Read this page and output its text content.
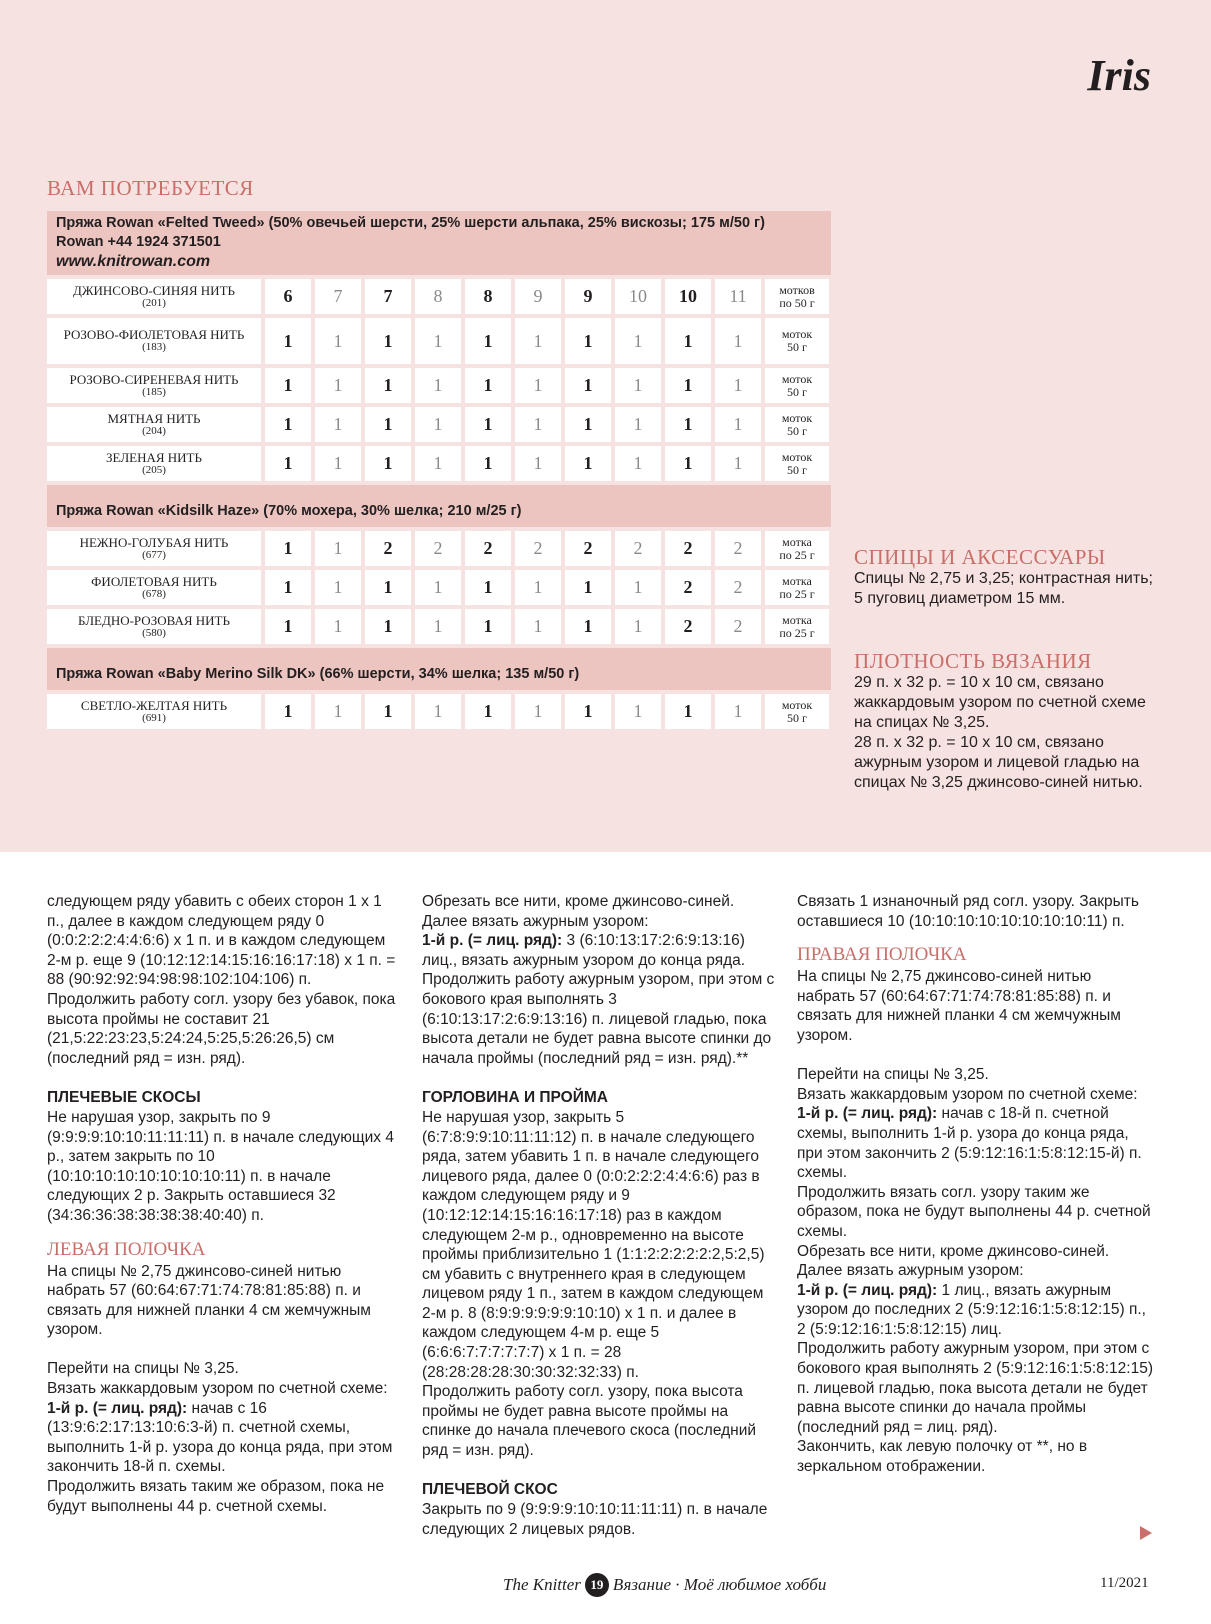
Iris
ВАМ ПОТРЕБУЕТСЯ
Пряжа Rowan «Felted Tweed» (50% овечьей шерсти, 25% шерсти альпака, 25% вискозы; 175 м/50 г)
Rowan +44 1924 371501
www.knitrowan.com
ДЖИНСОВО-СИНЯЯ НИТЬ
(201)	6	7	7	8	8	9	9	10	10	11	мотков
по 50 г
РОЗОВО-ФИОЛЕТОВАЯ НИТЬ
(183)	1	1	1	1	1	1	1	1	1	1	моток
50 г
РОЗОВО-СИРЕНЕВАЯ НИТЬ
(185)	1	1	1	1	1	1	1	1	1	1	моток
50 г
МЯТНАЯ НИТЬ
(204)	1	1	1	1	1	1	1	1	1	1	моток
50 г
ЗЕЛЕНАЯ НИТЬ
(205)	1	1	1	1	1	1	1	1	1	1	моток
50 г
Пряжа Rowan «Kidsilk Haze» (70% мохера, 30% шелка; 210 м/25 г)
НЕЖНО-ГОЛУБАЯ НИТЬ
(677)	1	1	2	2	2	2	2	2	2	2	мотка
по 25 г
ФИОЛЕТОВАЯ НИТЬ
(678)	1	1	1	1	1	1	1	1	2	2	мотка
по 25 г
БЛЕДНО-РОЗОВАЯ НИТЬ
(580)	1	1	1	1	1	1	1	1	2	2	мотка
по 25 г
Пряжа Rowan «Baby Merino Silk DK» (66% шерсти, 34% шелка; 135 м/50 г)
СВЕТЛО-ЖЕЛТАЯ НИТЬ
(691)	1	1	1	1	1	1	1	1	1	1	моток
50 г
СПИЦЫ И АКСЕССУАРЫ

Спицы № 2,75 и 3,25; контрастная нить; 5 пуговиц диаметром 15 мм.

ПЛОТНОСТЬ ВЯЗАНИЯ

29 п. х 32 р. = 10 х 10 см, связано жаккардовым узором по счетной схеме на спицах № 3,25.

28 п. х 32 р. = 10 х 10 см, связано ажурным узором и лицевой гладью на спицах № 3,25 джинсово-синей нитью.

следующем ряду убавить с обеих сторон 1 х 1 п., далее в каждом следующем ряду 0 (0:0:2:2:2:4:4:6:6) х 1 п. и в каждом следующем 2-м р. еще 9 (10:12:12:14:15:16:16:17:18) х 1 п. = 88 (90:92:92:94:98:98:102:104:106) п. Продолжить работу согл. узору без убавок, пока высота проймы не составит 21 (21,5:22:23:23,5:24:24,5:25,5:26:26,5) см (последний ряд = изн. ряд).

ПЛЕЧЕВЫЕ СКОСЫ

Не нарушая узор, закрыть по 9 (9:9:9:9:10:10:11:11:11) п. в начале следующих 4 р., затем закрыть по 10 (10:10:10:10:10:10:10:10:11) п. в начале следующих 2 р. Закрыть оставшиеся 32 (34:36:36:38:38:38:38:40:40) п.

ЛЕВАЯ ПОЛОЧКА

На спицы № 2,75 джинсово-синей нитью набрать 57 (60:64:67:71:74:78:81:85:88) п. и связать для нижней планки 4 см жемчужным узором.

Перейти на спицы № 3,25.

Вязать жаккардовым узором по счетной схеме:

1-й р. (= лиц. ряд): начав с 16 (13:9:6:2:17:13:10:6:3-й) п. счетной схемы, выполнить 1-й р. узора до конца ряда, при этом закончить 18-й п. схемы.

Продолжить вязать таким же образом, пока не будут выполнены 44 р. счетной схемы.

Обрезать все нити, кроме джинсово-синей. Далее вязать ажурным узором:

1-й р. (= лиц. ряд): 3 (6:10:13:17:2:6:9:13:16) лиц., вязать ажурным узором до конца ряда.

Продолжить работу ажурным узором, при этом с бокового края выполнять 3 (6:10:13:17:2:6:9:13:16) п. лицевой гладью, пока высота детали не будет равна высоте спинки до начала проймы (последний ряд = изн. ряд).**

ГОРЛОВИНА И ПРОЙМА

Не нарушая узор, закрыть 5 (6:7:8:9:9:10:11:11:12) п. в начале следующего ряда, затем убавить 1 п. в начале следующего лицевого ряда, далее 0 (0:0:2:2:2:4:4:6:6) раз в каждом следующем ряду и 9 (10:12:12:14:15:16:16:17:18) раз в каждом следующем 2-м р., одновременно на высоте проймы приблизительно 1 (1:1:2:2:2:2:2:2,5:2,5) см убавить с внутреннего края в следующем лицевом ряду 1 п., затем в каждом следующем 2-м р. 8 (8:9:9:9:9:9:9:10:10) х 1 п. и далее в каждом следующем 4-м р. еще 5 (6:6:6:7:7:7:7:7:7) х 1 п. = 28 (28:28:28:28:30:30:32:32:33) п.

Продолжить работу согл. узору, пока высота проймы не будет равна высоте проймы на спинке до начала плечевого скоса (последний ряд = изн. ряд).

ПЛЕЧЕВОЙ СКОС

Закрыть по 9 (9:9:9:9:10:10:11:11:11) п. в начале следующих 2 лицевых рядов.

Связать 1 изнаночный ряд согл. узору. Закрыть оставшиеся 10 (10:10:10:10:10:10:10:10:11) п.

ПРАВАЯ ПОЛОЧКА

На спицы № 2,75 джинсово-синей нитью набрать 57 (60:64:67:71:74:78:81:85:88) п. и связать для нижней планки 4 см жемчужным узором.

Перейти на спицы № 3,25.

Вязать жаккардовым узором по счетной схеме:

1-й р. (= лиц. ряд): начав с 18-й п. счетной схемы, выполнить 1-й р. узора до конца ряда, при этом закончить 2 (5:9:12:16:1:5:8:12:15-й) п. схемы.

Продолжить вязать согл. узору таким же образом, пока не будут выполнены 44 р. счетной схемы.

Обрезать все нити, кроме джинсово-синей. Далее вязать ажурным узором:

1-й р. (= лиц. ряд): 1 лиц., вязать ажурным узором до последних 2 (5:9:12:16:1:5:8:12:15) п., 2 (5:9:12:16:1:5:8:12:15) лиц.

Продолжить работу ажурным узором, при этом с бокового края выполнять 2 (5:9:12:16:1:5:8:12:15) п. лицевой гладью, пока высота детали не будет равна высоте спинки до начала проймы (последний ряд = лиц. ряд).

Закончить, как левую полочку от **, но в зеркальном отображении.

The Knitter 19 Вязание · Моё любимое хобби	11/2021
